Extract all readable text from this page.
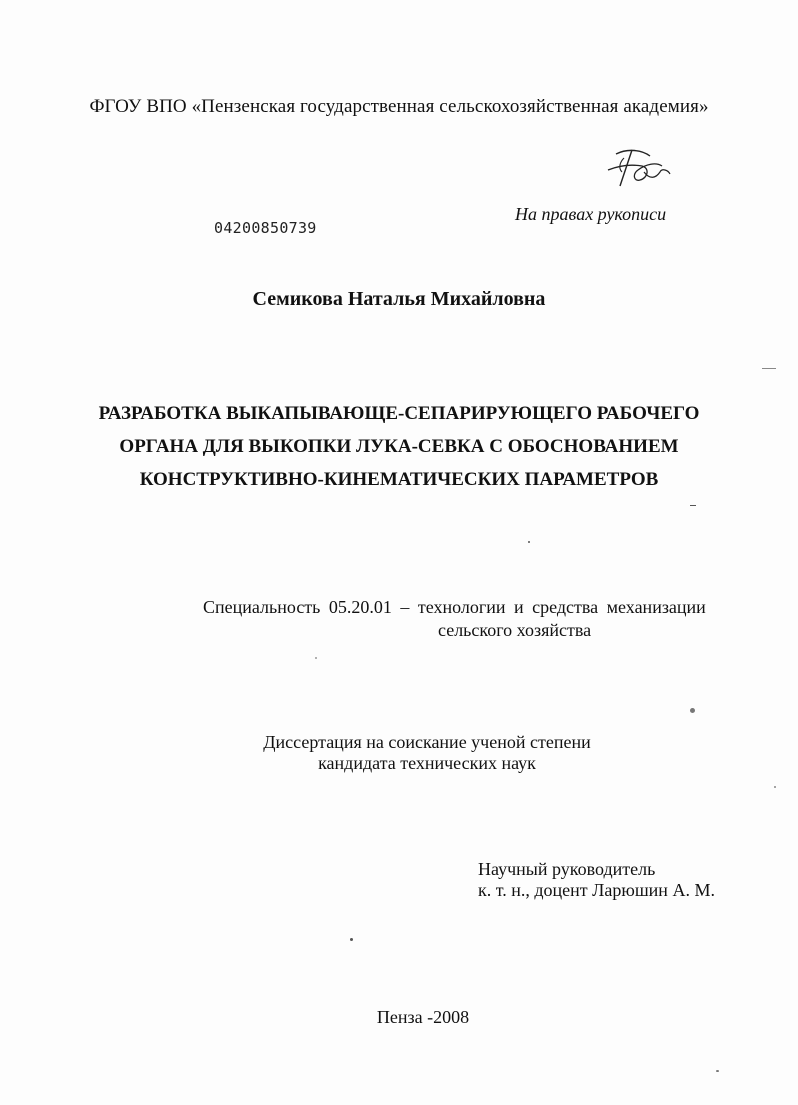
ФГОУ ВПО «Пензенская государственная сельскохозяйственная академия»
На правах рукописи
04200850739
Семикова Наталья Михайловна
РАЗРАБОТКА ВЫКАПЫВАЮЩЕ-СЕПАРИРУЮЩЕГО РАБОЧЕГО
ОРГАНА ДЛЯ ВЫКОПКИ ЛУКА-СЕВКА С ОБОСНОВАНИЕМ
КОНСТРУКТИВНО-КИНЕМАТИЧЕСКИХ ПАРАМЕТРОВ
Специальность 05.20.01 – технологии и средства механизации
сельского хозяйства
Диссертация на соискание ученой степени
кандидата технических наук
Научный руководитель
к. т. н., доцент Ларюшин А. М.
Пенза -2008
